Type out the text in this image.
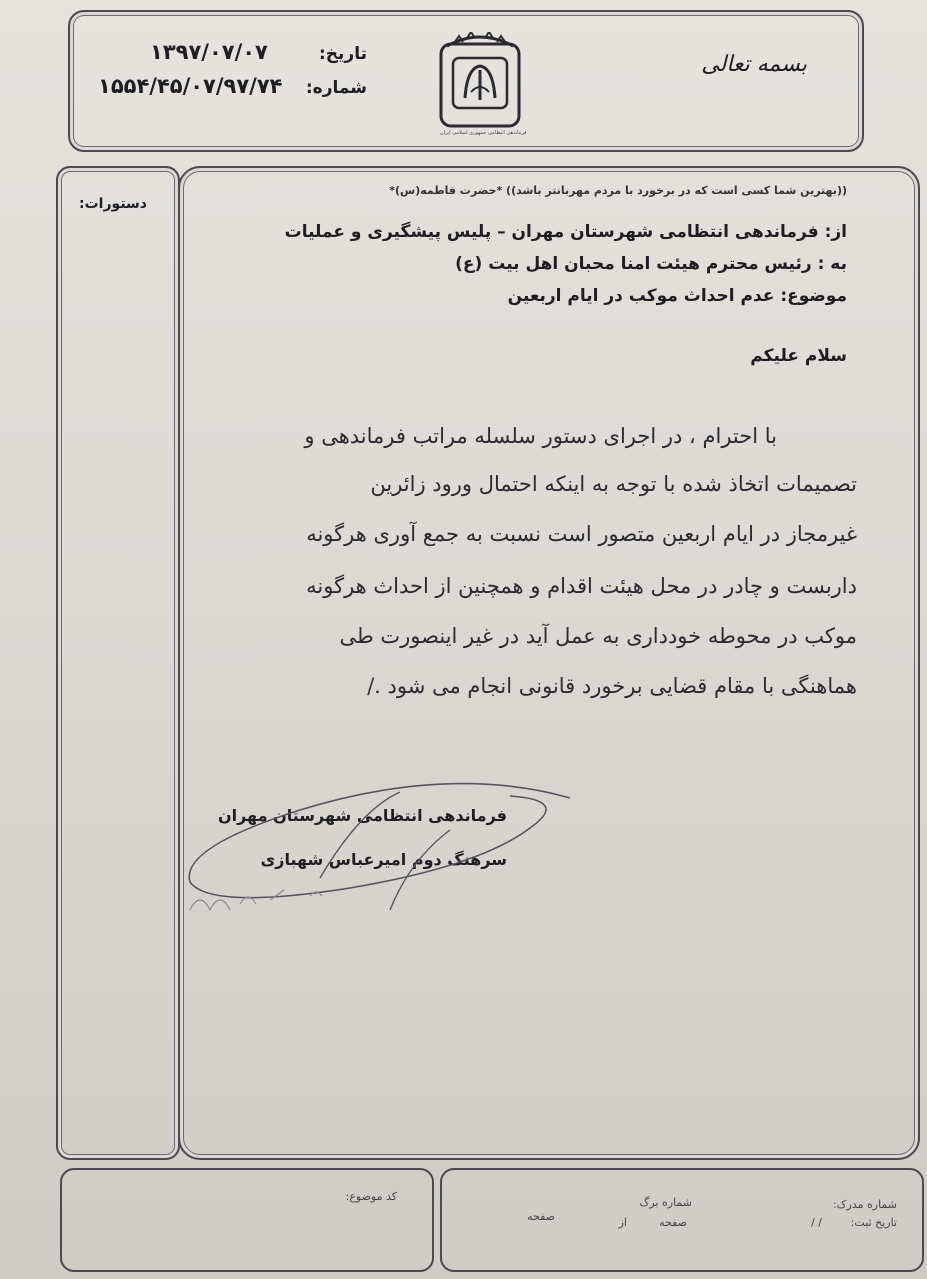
بسمه تعالی
فرماندهی انتظامی جمهوری اسلامی ایران
تاریخ:
۱۳۹۷/۰۷/۰۷
شماره:
۱۵۵۴/۴۵/۰۷/۹۷/۷۴
دستورات:
((بهترین شما کسی است که در برخورد با مردم مهربانتر باشد)) *حضرت فاطمه(س)*
از: فرماندهی انتظامی شهرستان مهران – پلیس پیشگیری و عملیات
به : رئیس محترم هیئت امنا محبان اهل بیت (ع)
موضوع: عدم احداث موکب در ایام اربعین
سلام علیکم
با احترام ، در اجرای دستور سلسله مراتب فرماندهی و
تصمیمات اتخاذ شده با توجه به اینکه احتمال ورود زائرین
غیرمجاز در ایام اربعین متصور است نسبت به جمع آوری هرگونه
داربست و چادر در محل هیئت اقدام و همچنین از احداث هرگونه
موکب در محوطه خودداری به عمل آید در غیر اینصورت طی
هماهنگی با مقام قضایی برخورد قانونی انجام می شود ./
فرماندهی انتظامی شهرستان مهران
سرهنگ دوم امیرعباس شهبازی
کد موضوع:	شماره برگ
صفحه
از
صفحه
شماره مدرک:
تاریخ ثبت:
/ /
